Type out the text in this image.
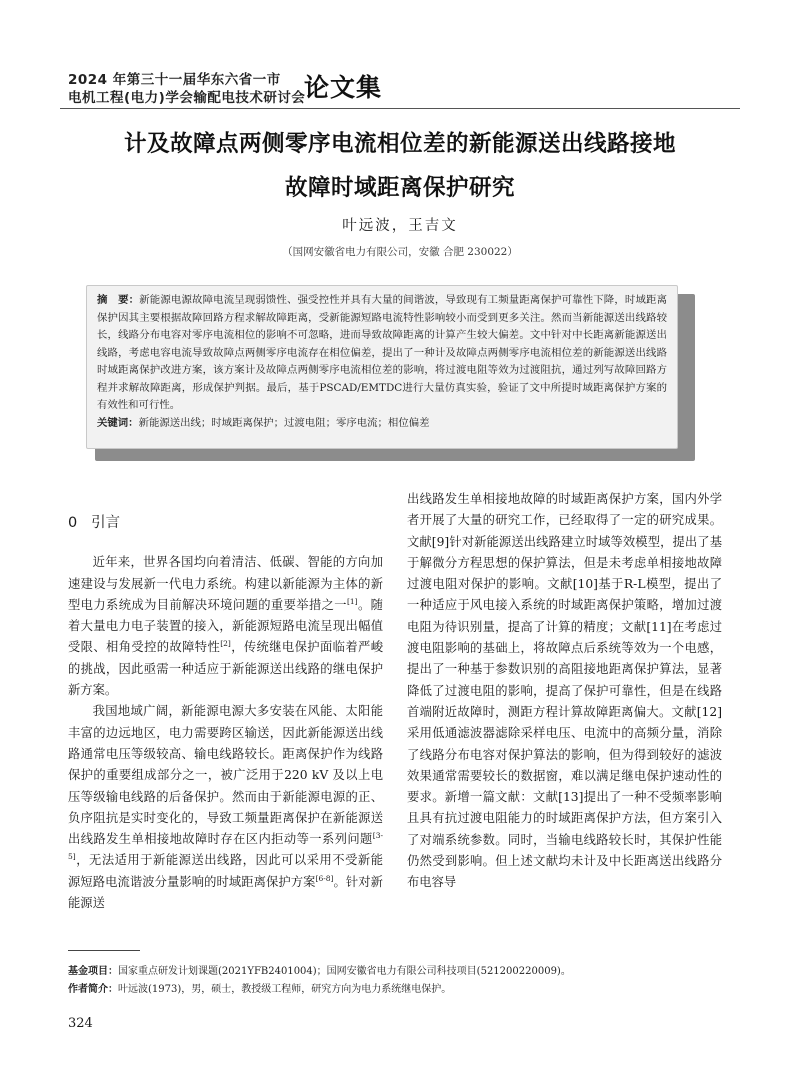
2024 年第三十一届华东六省一市
电机工程(电力)学会输配电技术研讨会
论文集
计及故障点两侧零序电流相位差的新能源送出线路接地
故障时域距离保护研究
叶远波，王吉文
（国网安徽省电力有限公司，安徽 合肥 230022）
摘　要：新能源电源故障电流呈现弱馈性、强受控性并具有大量的间谐波，导致现有工频量距离保护可靠性下降，时域距离保护因其主要根据故障回路方程求解故障距离，受新能源短路电流特性影响较小而受到更多关注。然而当新能源送出线路较长，线路分布电容对零序电流相位的影响不可忽略，进而导致故障距离的计算产生较大偏差。文中针对中长距离新能源送出线路，考虑电容电流导致故障点两侧零序电流存在相位偏差，提出了一种计及故障点两侧零序电流相位差的新能源送出线路时域距离保护改进方案，该方案计及故障点两侧零序电流相位差的影响，将过渡电阻等效为过渡阻抗，通过列写故障回路方程并求解故障距离，形成保护判据。最后，基于PSCAD/EMTDC进行大量仿真实验，验证了文中所提时域距离保护方案的有效性和可行性。
关键词：新能源送出线；时域距离保护；过渡电阻；零序电流；相位偏差
0 引言

近年来，世界各国均向着清洁、低碳、智能的方向加速建设与发展新一代电力系统。构建以新能源为主体的新型电力系统成为目前解决环境问题的重要举措之一[1]。随着大量电力电子装置的接入，新能源短路电流呈现出幅值受限、相角受控的故障特性[2]，传统继电保护面临着严峻的挑战，因此亟需一种适应于新能源送出线路的继电保护新方案。

我国地域广阔，新能源电源大多安装在风能、太阳能丰富的边远地区，电力需要跨区输送，因此新能源送出线路通常电压等级较高、输电线路较长。距离保护作为线路保护的重要组成部分之一，被广泛用于220 kV 及以上电压等级输电线路的后备保护。然而由于新能源电源的正、负序阻抗是实时变化的，导致工频量距离保护在新能源送出线路发生单相接地故障时存在区内拒动等一系列问题[3-5]，无法适用于新能源送出线路，因此可以采用不受新能源短路电流谐波分量影响的时域距离保护方案[6-8]。针对新能源送

出线路发生单相接地故障的时域距离保护方案，国内外学者开展了大量的研究工作，已经取得了一定的研究成果。文献[9]针对新能源送出线路建立时域等效模型，提出了基于解微分方程思想的保护算法，但是未考虑单相接地故障过渡电阻对保护的影响。文献[10]基于R-L模型，提出了一种适应于风电接入系统的时域距离保护策略，增加过渡电阻为待识别量，提高了计算的精度；文献[11]在考虑过渡电阻影响的基础上，将故障点后系统等效为一个电感，提出了一种基于参数识别的高阻接地距离保护算法，显著降低了过渡电阻的影响，提高了保护可靠性，但是在线路首端附近故障时，测距方程计算故障距离偏大。文献[12]采用低通滤波器滤除采样电压、电流中的高频分量，消除了线路分布电容对保护算法的影响，但为得到较好的滤波效果通常需要较长的数据窗，难以满足继电保护速动性的要求。新增一篇文献：文献[13]提出了一种不受频率影响且具有抗过渡电阻能力的时域距离保护方法，但方案引入了对端系统参数。同时，当输电线路较长时，其保护性能仍然受到影响。但上述文献均未计及中长距离送出线路分布电容导

基金项目：国家重点研发计划课题(2021YFB2401004)；国网安徽省电力有限公司科技项目(521200220009)。
作者简介：叶远波(1973)，男，硕士，教授级工程师，研究方向为电力系统继电保护。
324
